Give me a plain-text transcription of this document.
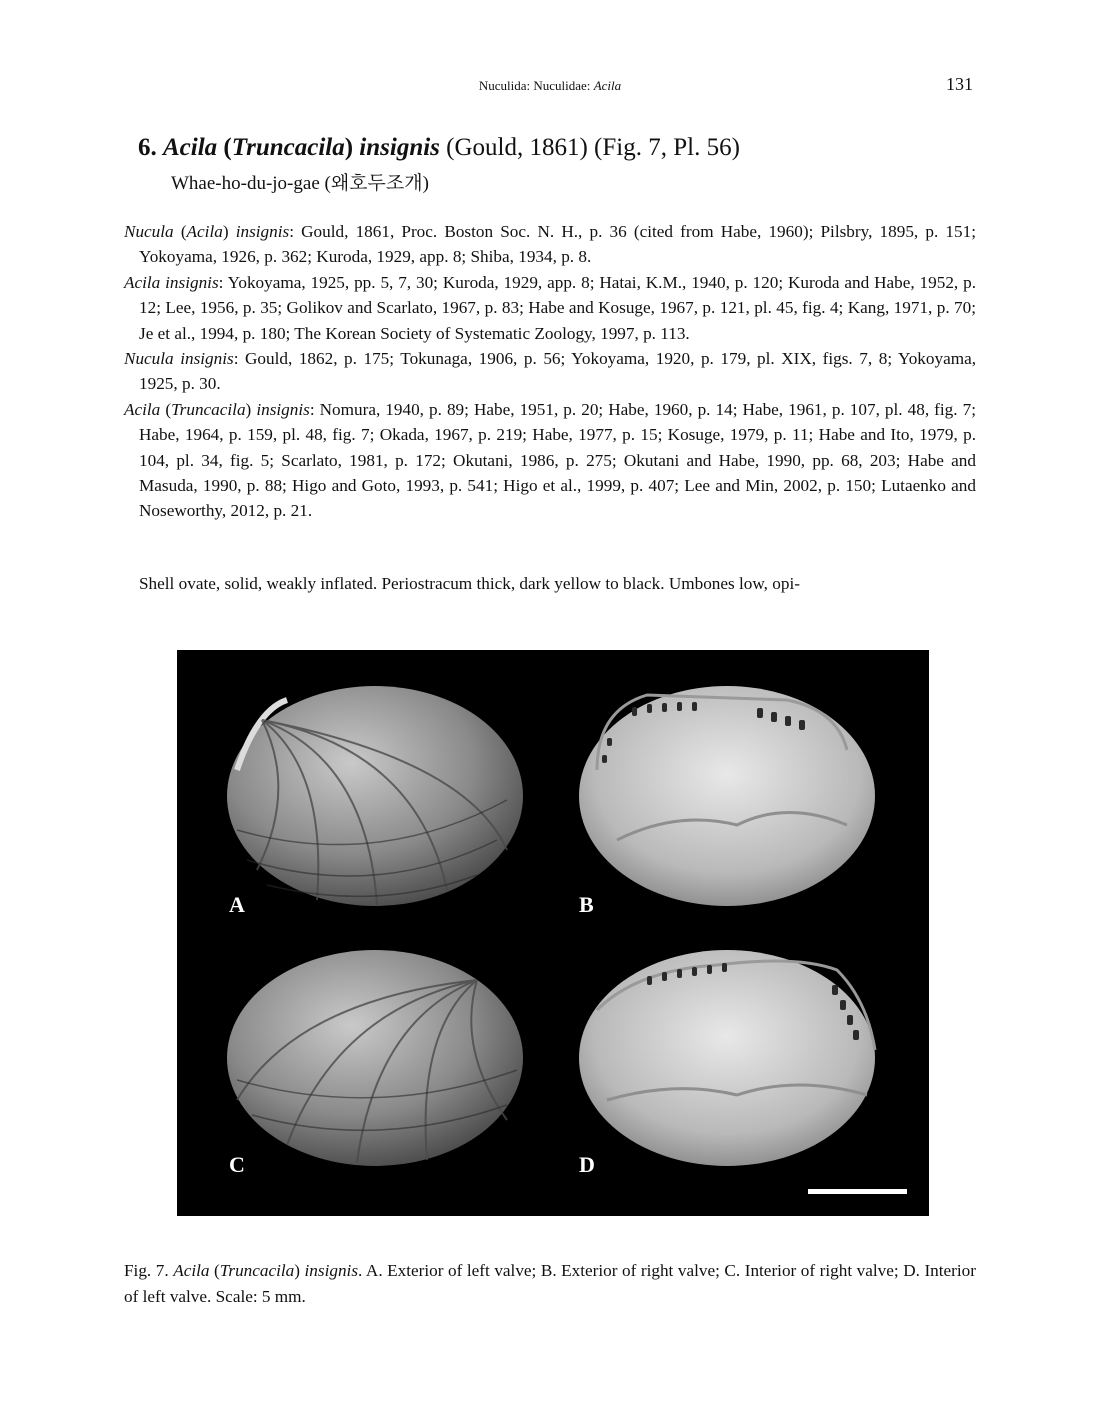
Nuculida: Nuculidae: Acila	131
6. Acila (Truncacila) insignis (Gould, 1861) (Fig. 7, Pl. 56)
Whae-ho-du-jo-gae (왜호두조개)

Nucula (Acila) insignis: Gould, 1861, Proc. Boston Soc. N. H., p. 36 (cited from Habe, 1960); Pilsbry, 1895, p. 151; Yokoyama, 1926, p. 362; Kuroda, 1929, app. 8; Shiba, 1934, p. 8.

Acila insignis: Yokoyama, 1925, pp. 5, 7, 30; Kuroda, 1929, app. 8; Hatai, K.M., 1940, p. 120; Kuroda and Habe, 1952, p. 12; Lee, 1956, p. 35; Golikov and Scarlato, 1967, p. 83; Habe and Kosuge, 1967, p. 121, pl. 45, fig. 4; Kang, 1971, p. 70; Je et al., 1994, p. 180; The Korean Society of Systematic Zoology, 1997, p. 113.

Nucula insignis: Gould, 1862, p. 175; Tokunaga, 1906, p. 56; Yokoyama, 1920, p. 179, pl. XIX, figs. 7, 8; Yokoyama, 1925, p. 30.

Acila (Truncacila) insignis: Nomura, 1940, p. 89; Habe, 1951, p. 20; Habe, 1960, p. 14; Habe, 1961, p. 107, pl. 48, fig. 7; Habe, 1964, p. 159, pl. 48, fig. 7; Okada, 1967, p. 219; Habe, 1977, p. 15; Kosuge, 1979, p. 11; Habe and Ito, 1979, p. 104, pl. 34, fig. 5; Scarlato, 1981, p. 172; Okutani, 1986, p. 275; Okutani and Habe, 1990, pp. 68, 203; Habe and Masuda, 1990, p. 88; Higo and Goto, 1993, p. 541; Higo et al., 1999, p. 407; Lee and Min, 2002, p. 150; Lutaenko and Noseworthy, 2012, p. 21.

Shell ovate, solid, weakly inflated. Periostracum thick, dark yellow to black. Umbones low, opi-
A	B
C	D
Fig. 7. Acila (Truncacila) insignis. A. Exterior of left valve; B. Exterior of right valve; C. Interior of right valve; D. Interior of left valve. Scale: 5 mm.
